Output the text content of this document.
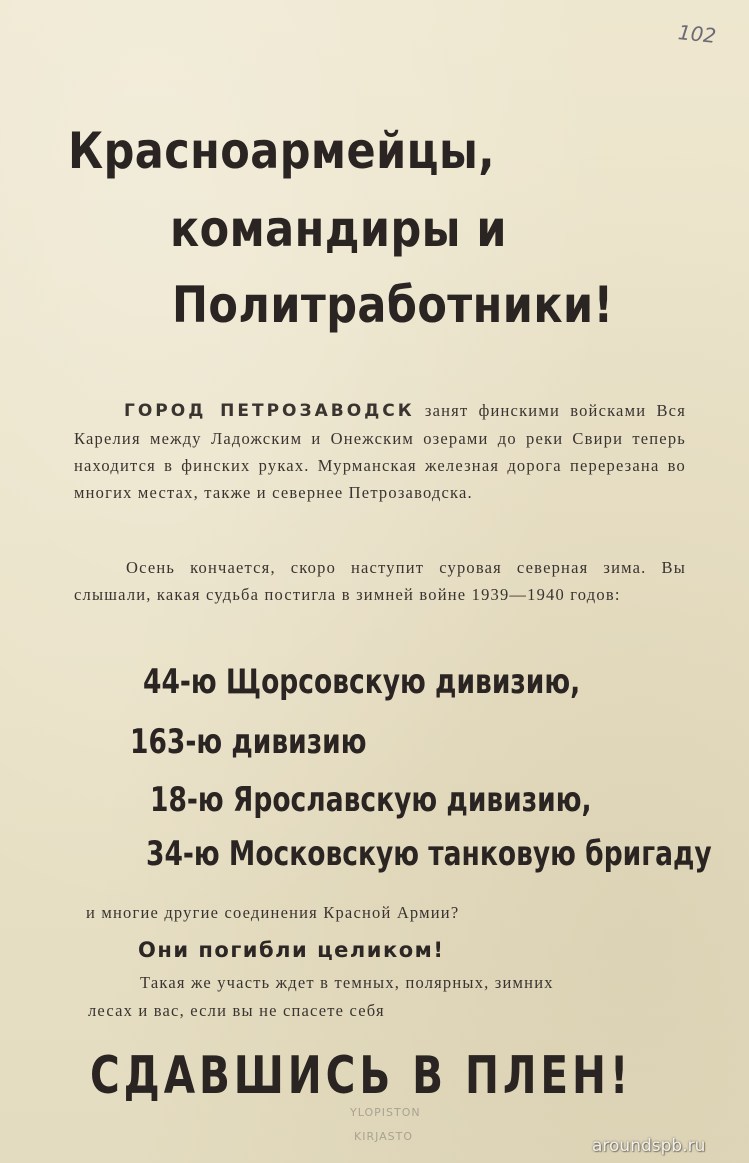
102
Красноармейцы,
командиры и
Политработники!

ГОРОД ПЕТРОЗАВОДСК занят финскими войсками Вся Карелия между Ладожским и Онежским озерами до реки Свири теперь находится в финских руках. Мурманская железная дорога перерезана во многих местах, также и севернее Петрозаводска.

Осень кончается, скоро наступит суровая северная зима. Вы слышали, какая судьба постигла в зимней войне 1939—1940 годов:

44-ю Щорсовскую дивизию,
163-ю дивизию
18-ю Ярославскую дивизию,
34-ю Московскую танковую бригаду

и многие другие соединения Красной Армии?

Они погибли целиком!

Такая же участь ждет в темных, полярных, зимних

лесах и вас, если вы не спасете себя

СДАВШИСЬ В ПЛЕН!
YLOPISTON
KIRJASTO	aroundspb.ru
